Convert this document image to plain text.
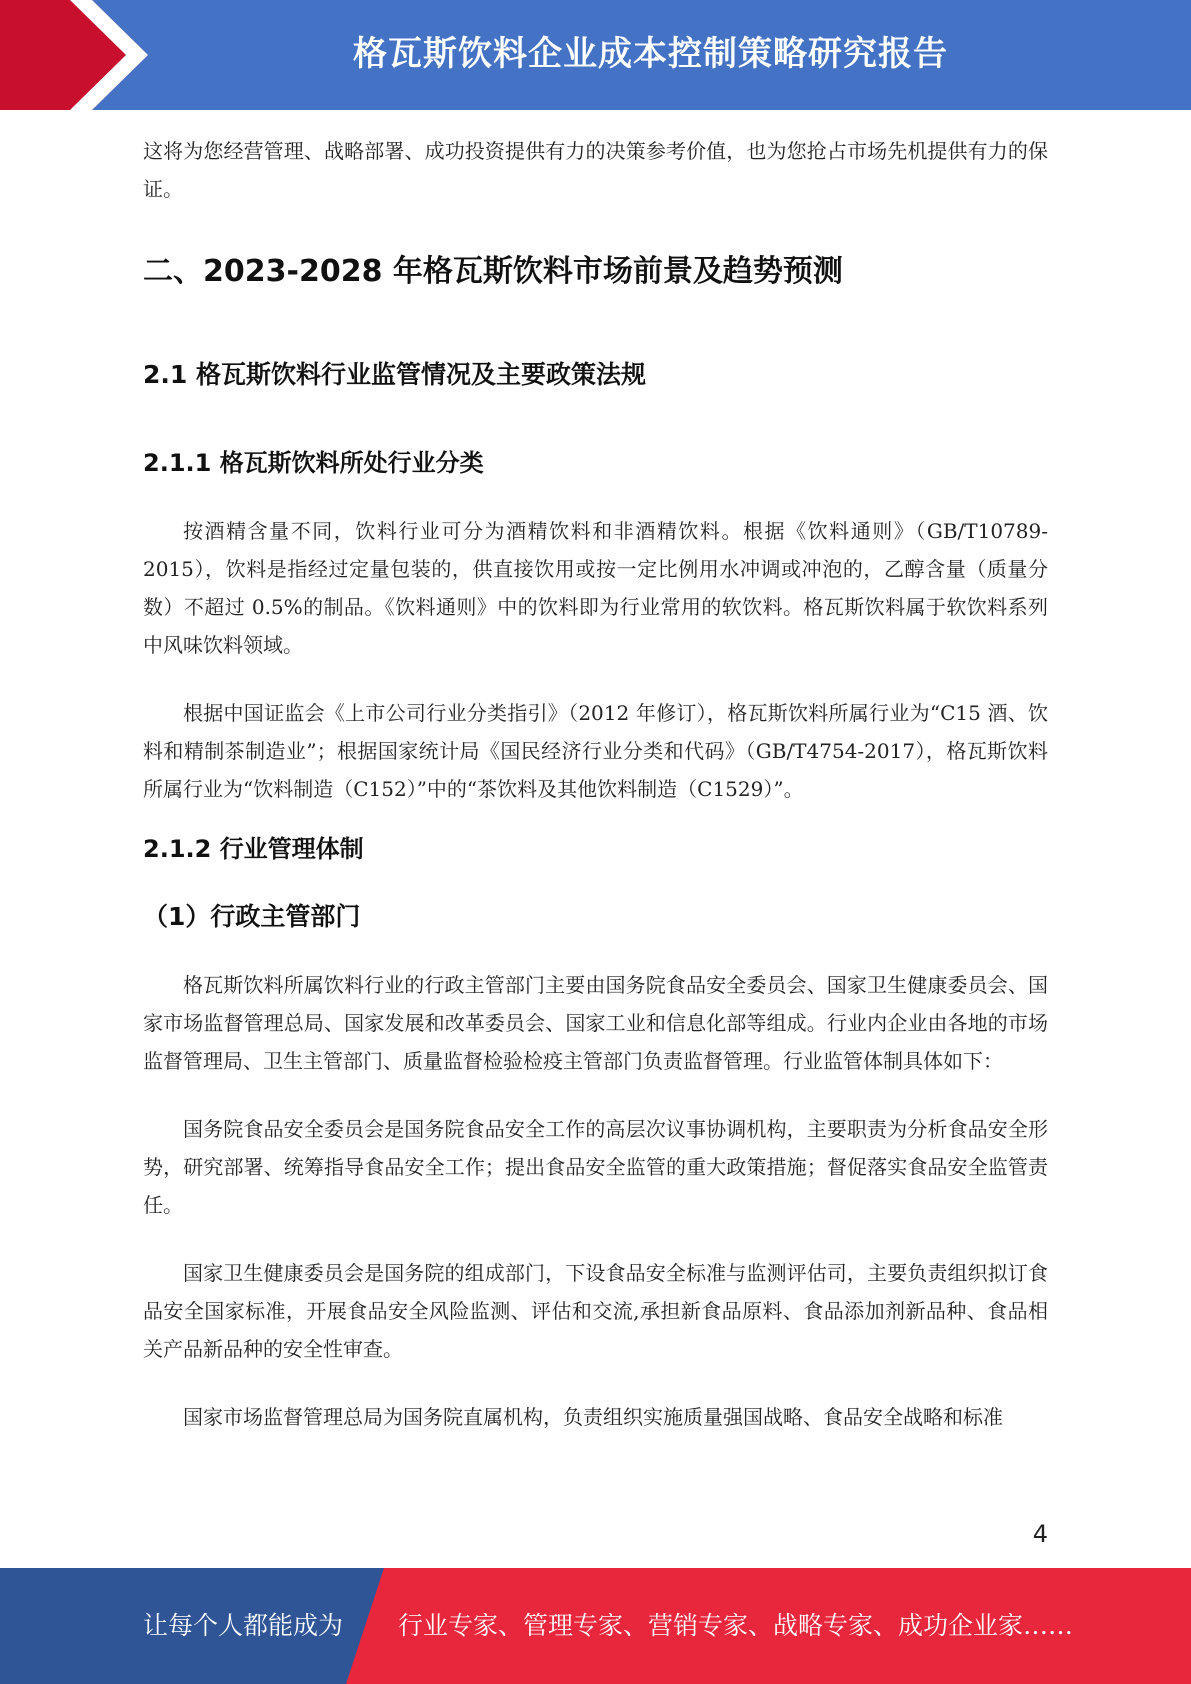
格瓦斯饮料企业成本控制策略研究报告

这将为您经营管理、战略部署、成功投资提供有力的决策参考价值，也为您抢占市场先机提供有力的保证。

二、2023-2028 年格瓦斯饮料市场前景及趋势预测
2.1 格瓦斯饮料行业监管情况及主要政策法规
2.1.1 格瓦斯饮料所处行业分类

按酒精含量不同，饮料行业可分为酒精饮料和非酒精饮料。根据《饮料通则》（GB/T10789-2015），饮料是指经过定量包装的，供直接饮用或按一定比例用水冲调或冲泡的，乙醇含量（质量分数）不超过 0.5%的制品。《饮料通则》中的饮料即为行业常用的软饮料。格瓦斯饮料属于软饮料系列中风味饮料领域。

根据中国证监会《上市公司行业分类指引》（2012 年修订），格瓦斯饮料所属行业为“C15 酒、饮料和精制茶制造业”；根据国家统计局《国民经济行业分类和代码》（GB/T4754-2017），格瓦斯饮料所属行业为“饮料制造（C152）”中的“茶饮料及其他饮料制造（C1529）”。

2.1.2 行业管理体制
（1）行政主管部门

格瓦斯饮料所属饮料行业的行政主管部门主要由国务院食品安全委员会、国家卫生健康委员会、国家市场监督管理总局、国家发展和改革委员会、国家工业和信息化部等组成。行业内企业由各地的市场监督管理局、卫生主管部门、质量监督检验检疫主管部门负责监督管理。行业监管体制具体如下：

国务院食品安全委员会是国务院食品安全工作的高层次议事协调机构，主要职责为分析食品安全形势，研究部署、统筹指导食品安全工作；提出食品安全监管的重大政策措施；督促落实食品安全监管责任。

国家卫生健康委员会是国务院的组成部门，下设食品安全标准与监测评估司，主要负责组织拟订食品安全国家标准，开展食品安全风险监测、评估和交流,承担新食品原料、食品添加剂新品种、食品相关产品新品种的安全性审查。

国家市场监督管理总局为国务院直属机构，负责组织实施质量强国战略、食品安全战略和标准

4
让每个人都能成为 行业专家、管理专家、营销专家、战略专家、成功企业家……
